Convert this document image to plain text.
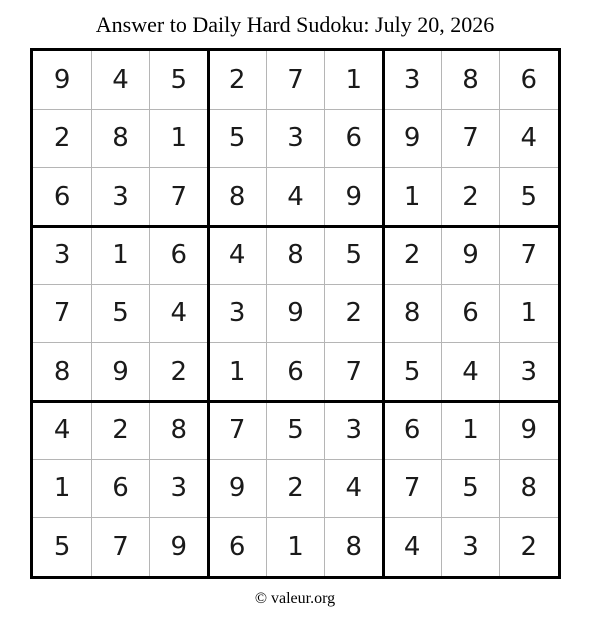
Answer to Daily Hard Sudoku: July 20, 2026
9	4	5	2	7	1	3	8	6
2	8	1	5	3	6	9	7	4
6	3	7	8	4	9	1	2	5
3	1	6	4	8	5	2	9	7
7	5	4	3	9	2	8	6	1
8	9	2	1	6	7	5	4	3
4	2	8	7	5	3	6	1	9
1	6	3	9	2	4	7	5	8
5	7	9	6	1	8	4	3	2
© valeur.org
